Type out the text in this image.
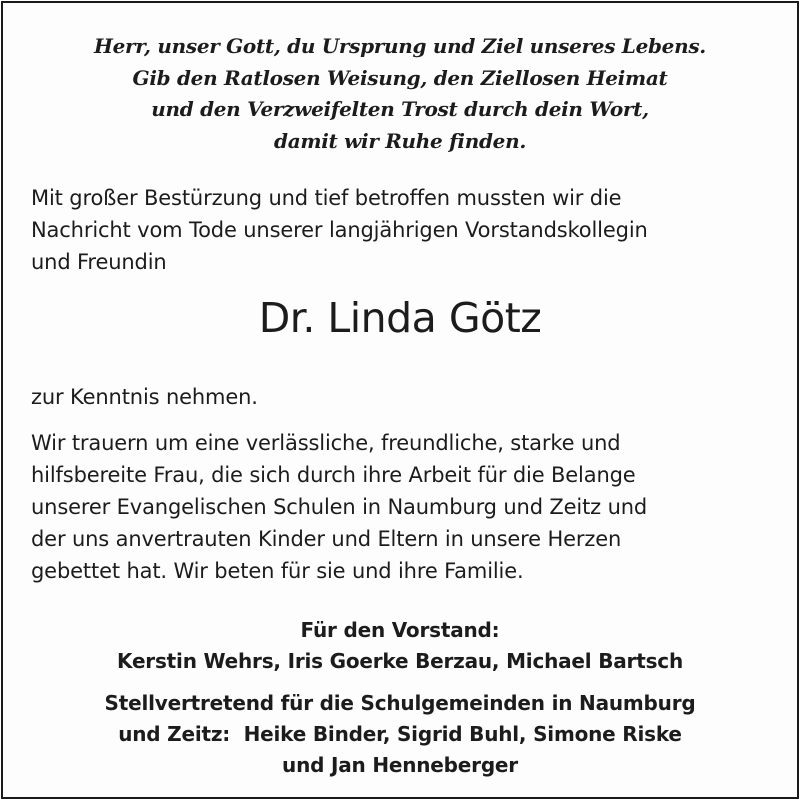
Herr, unser Gott, du Ursprung und Ziel unseres Lebens.
Gib den Ratlosen Weisung, den Ziellosen Heimat
und den Verzweifelten Trost durch dein Wort,
damit wir Ruhe finden.
Mit großer Bestürzung und tief betroffen mussten wir die
Nachricht vom Tode unserer langjährigen Vorstandskollegin
und Freundin
Dr. Linda Götz
zur Kenntnis nehmen.
Wir trauern um eine verlässliche, freundliche, starke und
hilfsbereite Frau, die sich durch ihre Arbeit für die Belange
unserer Evangelischen Schulen in Naumburg und Zeitz und
der uns anvertrauten Kinder und Eltern in unsere Herzen
gebettet hat. Wir beten für sie und ihre Familie.
Für den Vorstand:
Kerstin Wehrs, Iris Goerke Berzau, Michael Bartsch
Stellvertretend für die Schulgemeinden in Naumburg
und Zeitz:  Heike Binder, Sigrid Buhl, Simone Riske
und Jan Henneberger
